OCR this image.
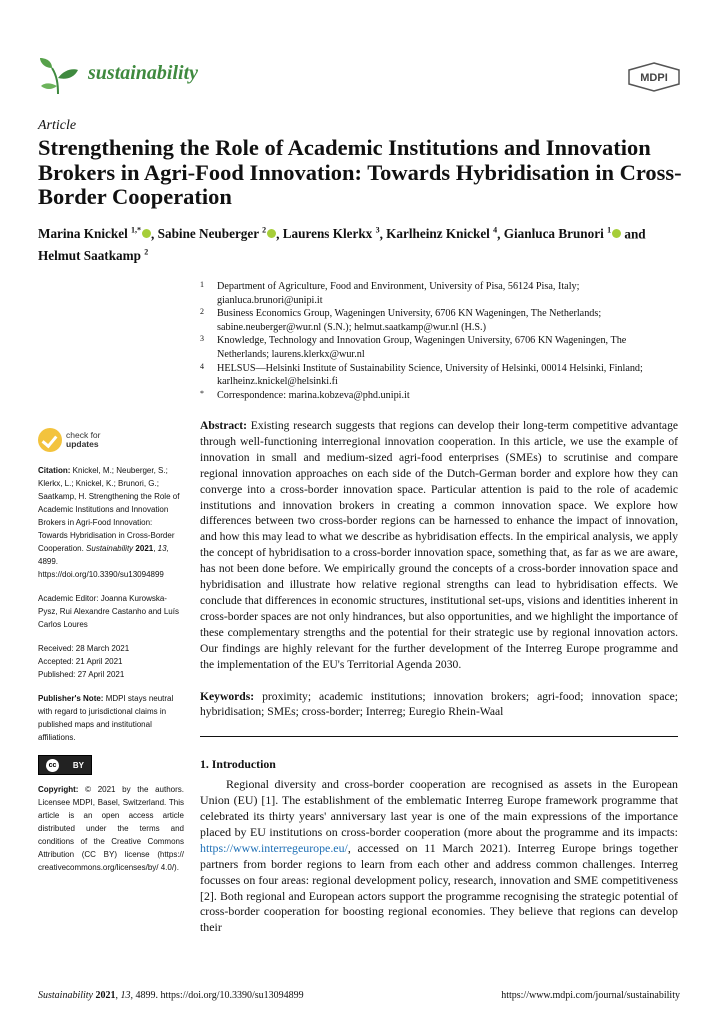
sustainability	MDPI
Article
Strengthening the Role of Academic Institutions and Innovation Brokers in Agri-Food Innovation: Towards Hybridisation in Cross-Border Cooperation
Marina Knickel $^{1,*}$ , Sabine Neuberger $^2$ , Laurens Klerkx $^3$, Karlheinz Knickel $^4$, Gianluca Brunori $^1$ and Helmut Saatkamp $^2$
1 Department of Agriculture, Food and Environment, University of Pisa, 56124 Pisa, Italy; gianluca.brunori@unipi.it
2 Business Economics Group, Wageningen University, 6706 KN Wageningen, The Netherlands; sabine.neuberger@wur.nl (S.N.); helmut.saatkamp@wur.nl (H.S.)
3 Knowledge, Technology and Innovation Group, Wageningen University, 6706 KN Wageningen, The Netherlands; laurens.klerkx@wur.nl
4 HELSUS—Helsinki Institute of Sustainability Science, University of Helsinki, 00014 Helsinki, Finland; karlheinz.knickel@helsinki.fi
* Correspondence: marina.kobzeva@phd.unipi.it
check for
updates

Citation: Knickel, M.; Neuberger, S.; Klerkx, L.; Knickel, K.; Brunori, G.; Saatkamp, H. Strengthening the Role of Academic Institutions and Innovation Brokers in Agri-Food Innovation: Towards Hybridisation in Cross-Border Cooperation. Sustainability 2021, 13, 4899. https://doi.org/10.3390/su13094899

Academic Editor: Joanna Kurowska-Pysz, Rui Alexandre Castanho and Luís Carlos Loures

Received: 28 March 2021

Accepted: 21 April 2021

Published: 27 April 2021

Publisher's Note: MDPI stays neutral with regard to jurisdictional claims in published maps and institutional affiliations.

cc	BY

Copyright: © 2021 by the authors. Licensee MDPI, Basel, Switzerland. This article is an open access article distributed under the terms and conditions of the Creative Commons Attribution (CC BY) license (https:// creativecommons.org/licenses/by/ 4.0/).

Abstract: Existing research suggests that regions can develop their long-term competitive advantage through well-functioning interregional innovation cooperation. In this article, we use the example of innovation in small and medium-sized agri-food enterprises (SMEs) to scrutinise and compare regional innovation approaches on each side of the Dutch-German border and explore how they can converge into a cross-border innovation space. Particular attention is paid to the role of academic institutions and innovation brokers in creating a common innovation space. We explore how differences between two cross-border regions can be harnessed to enhance the impact of innovation, and how this may lead to what we describe as hybridisation effects. In the empirical analysis, we apply the concept of hybridisation to a cross-border innovation space, something that, as far as we are aware, has not been done before. We empirically ground the concepts of a cross-border innovation space and hybridisation and illustrate how relative regional strengths can lead to hybridisation effects. We conclude that differences in economic structures, institutional set-ups, visions and identities inherent in cross-border spaces are not only hindrances, but also opportunities, and we highlight the importance of these complementary strengths and the potential for their strategic use by regional innovation actors. Our findings are highly relevant for the further development of the Interreg Europe programme and the implementation of the EU's Territorial Agenda 2030.

Keywords: proximity; academic institutions; innovation brokers; agri-food; innovation space; hybridisation; SMEs; cross-border; Interreg; Euregio Rhein-Waal

1. Introduction

Regional diversity and cross-border cooperation are recognised as assets in the European Union (EU) [1]. The establishment of the emblematic Interreg Europe framework programme that celebrated its thirty years' anniversary last year is one of the main expressions of the importance placed by EU institutions on cross-border cooperation (more about the programme and its impacts: https://www.interregeurope.eu/, accessed on 11 March 2021). Interreg Europe brings together partners from border regions to learn from each other and address common challenges. Interreg focusses on four areas: regional development policy, research, innovation and SME competitiveness [2]. Both regional and European actors support the programme recognising the strategic potential of cross-border cooperation for boosting regional economies. They believe that regions can develop their

Sustainability 2021, 13, 4899. https://doi.org/10.3390/su13094899	https://www.mdpi.com/journal/sustainability
